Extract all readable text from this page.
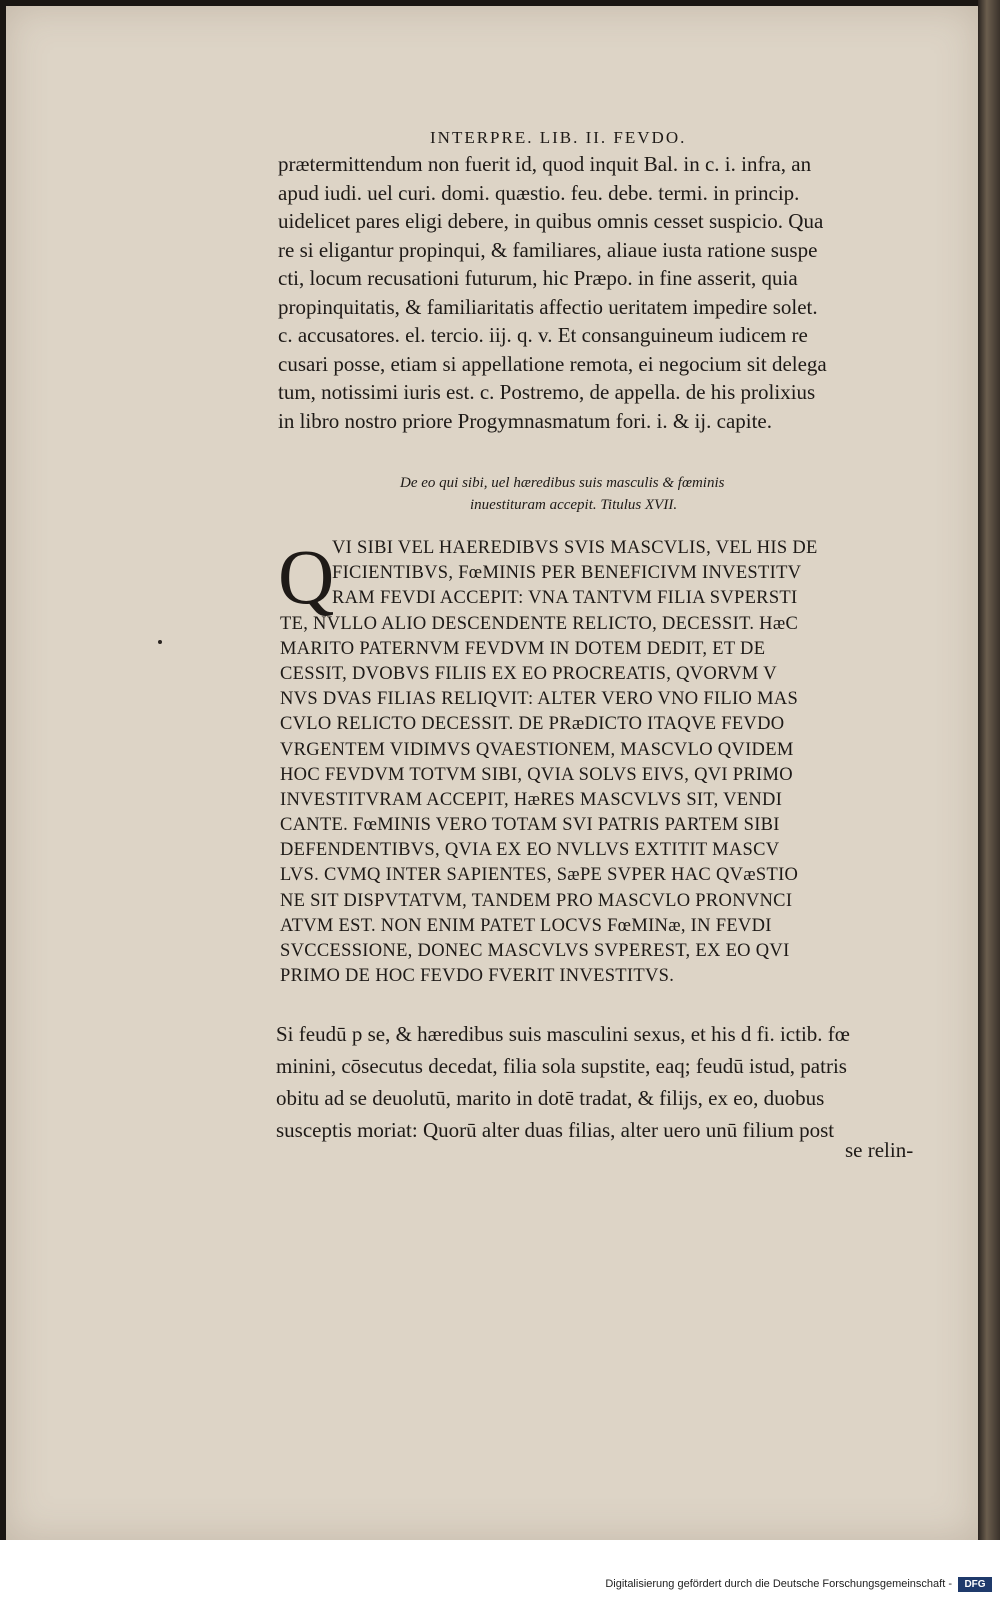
INTERPRE. LIB. II. FEVDO.
prætermittendum non fuerit id, quod inquit Bal. in c. i. infra, an
apud iudi. uel curi. domi. quæstio. feu. debe. termi. in princip.
uidelicet pares eligi debere, in quibus omnis cesset suspicio. Qua
re si eligantur propinqui, & familiares, aliaue iusta ratione suspe
cti, locum recusationi futurum, hic Præpo. in fine asserit, quia
propinquitatis, & familiaritatis affectio ueritatem impedire solet.
c. accusatores. el. tercio. iij. q. v. Et consanguineum iudicem re
cusari posse, etiam si appellatione remota, ei negocium sit delega
tum, notissimi iuris est. c. Postremo, de appella. de his prolixius
in libro nostro priore Progymnasmatum fori. i. & ij. capite.
De eo qui sibi, uel hæredibus suis masculis & fœminis
inuestituram accepit. Titulus XVII.
Q
VI SIBI VEL HAEREDIBVS SVIS MASCVLIS, VEL HIS DE
FICIENTIBVS, FœMINIS PER BENEFICIVM INVESTITV
RAM FEVDI ACCEPIT: VNA TANTVM FILIA SVPERSTI
TE, NVLLO ALIO DESCENDENTE RELICTO, DECESSIT. HæC
MARITO PATERNVM FEVDVM IN DOTEM DEDIT, ET DE
CESSIT, DVOBVS FILIIS EX EO PROCREATIS, QVORVM V
NVS DVAS FILIAS RELIQVIT: ALTER VERO VNO FILIO MAS
CVLO RELICTO DECESSIT. DE PRæDICTO ITAQVE FEVDO
VRGENTEM VIDIMVS QVAESTIONEM, MASCVLO QVIDEM
HOC FEVDVM TOTVM SIBI, QVIA SOLVS EIVS, QVI PRIMO
INVESTITVRAM ACCEPIT, HæRES MASCVLVS SIT, VENDI
CANTE. FœMINIS VERO TOTAM SVI PATRIS PARTEM SIBI
DEFENDENTIBVS, QVIA EX EO NVLLVS EXTITIT MASCV
LVS. CVMQ INTER SAPIENTES, SæPE SVPER HAC QVæSTIO
NE SIT DISPVTATVM, TANDEM PRO MASCVLO PRONVNCI
ATVM EST. NON ENIM PATET LOCVS FœMINæ, IN FEVDI
SVCCESSIONE, DONEC MASCVLVS SVPEREST, EX EO QVI
PRIMO DE HOC FEVDO FVERIT INVESTITVS.
Si feudū p se, & hæredibus suis masculini sexus, et his d fi. ictib. fœ
minini, cōsecutus decedat, filia sola supstite, eaq; feudū istud, patris
obitu ad se deuolutū, marito in dotē tradat, & filijs, ex eo, duobus
susceptis moriat: Quorū alter duas filias, alter uero unū filium post
se relin-
Digitalisierung gefördert durch die Deutsche Forschungsgemeinschaft -	DFG
